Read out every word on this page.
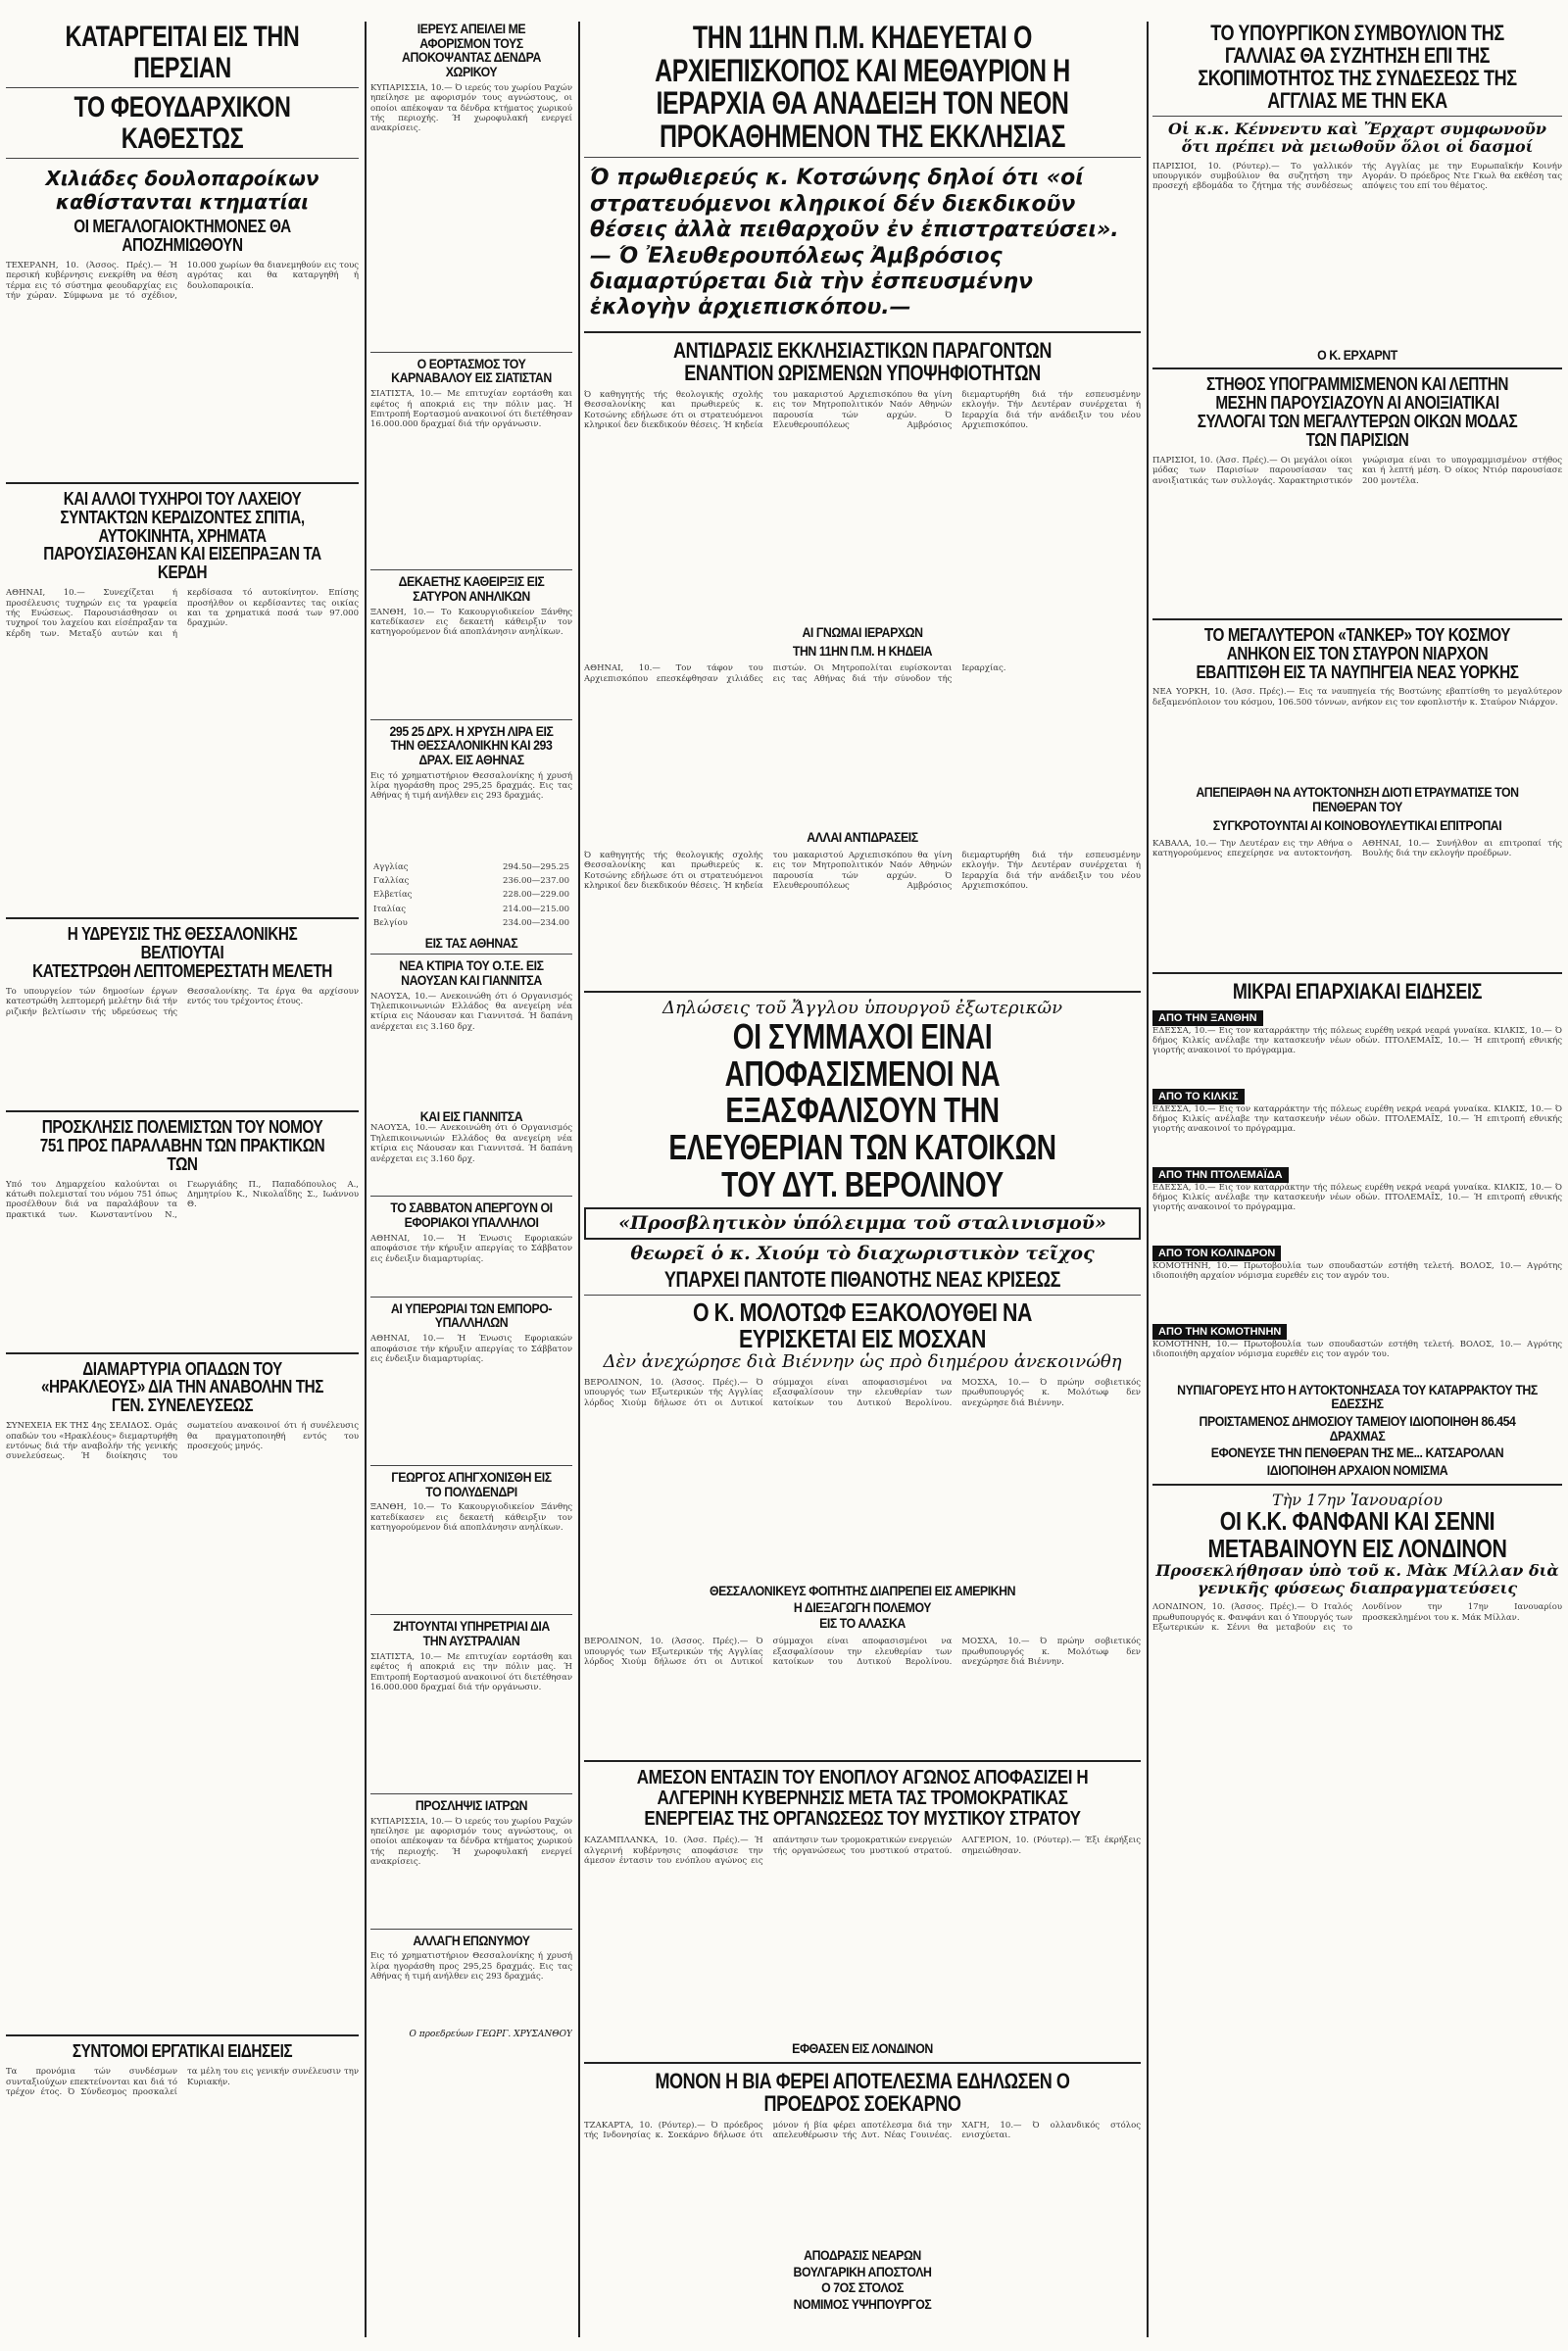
ΚΑΤΑΡΓΕΙΤΑΙ ΕΙΣ ΤΗΝ ΠΕΡΣΙΑΝ
ΤΟ ΦΕΟΥΔΑΡΧΙΚΟΝ ΚΑΘΕΣΤΩΣ
Χιλιάδες δουλοπαροίκων καθίστανται κτηματίαι
ΟΙ ΜΕΓΑΛΟΓΑΙΟΚΤΗΜΟΝΕΣ ΘΑ ΑΠΟΖΗΜΙΩΘΟΥΝ
ΤΕΧΕΡΑΝΗ, 10. (Άσσος. Πρές).— Ή περσική κυβέρνησις ενεκρίθη να θέση τέρμα εις τό σύστημα φεουδαρχίας εις τήν χώραν. Σύμφωνα με τό σχέδιον, 10.000 χωρίων θα διανεμηθούν εις τους αγρότας και θα καταργηθή ή δουλοπαροικία.
ΚΑΙ ΑΛΛΟΙ ΤΥΧΗΡΟΙ ΤΟΥ ΛΑΧΕΙΟΥ ΣΥΝΤΑΚΤΩΝ ΚΕΡΔΙΖΟΝΤΕΣ ΣΠΙΤΙΑ, ΑΥΤΟΚΙΝΗΤΑ, ΧΡΗΜΑΤΑ ΠΑΡΟΥΣΙΑΣΘΗΣΑΝ ΚΑΙ ΕΙΣΕΠΡΑΞΑΝ ΤΑ ΚΕΡΔΗ
ΑΘΗΝΑΙ, 10.— Συνεχίζεται ή προσέλευσις τυχηρών εις τα γραφεία τής Ενώσεως. Παρουσιάσθησαν οι τυχηροί του λαχείου και είσέπραξαν τα κέρδη των. Μεταξύ αυτών και ή κερδίσασα τό αυτοκίνητον. Επίσης προσήλθον οι κερδίσαντες τας οικίας και τα χρηματικά ποσά των 97.000 δραχμών.
Η ΥΔΡΕΥΣΙΣ ΤΗΣ ΘΕΣΣΑΛΟΝΙΚΗΣ ΒΕΛΤΙΟΥΤΑΙ
ΚΑΤΕΣΤΡΩΘΗ ΛΕΠΤΟΜΕΡΕΣΤΑΤΗ ΜΕΛΕΤΗ
Το υπουργείον τών δημοσίων έργων κατεστρώθη λεπτομερή μελέτην διά τήν ριζικήν βελτίωσιν τής υδρεύσεως τής Θεσσαλονίκης. Τα έργα θα αρχίσουν εντός του τρέχοντος έτους.
ΠΡΟΣΚΛΗΣΙΣ ΠΟΛΕΜΙΣΤΩΝ ΤΟΥ ΝΟΜΟΥ 751 ΠΡΟΣ ΠΑΡΑΛΑΒΗΝ ΤΩΝ ΠΡΑΚΤΙΚΩΝ ΤΩΝ
Υπό του Δημαρχείου καλούνται οι κάτωθι πολεμισταί του νόμου 751 όπως προσέλθουν διά να παραλάβουν τα πρακτικά των. Κωνσταντίνου Ν., Γεωργιάδης Π., Παπαδόπουλος Α., Δημητρίου Κ., Νικολαΐδης Σ., Ιωάννου Θ.
ΔΙΑΜΑΡΤΥΡΙΑ ΟΠΑΔΩΝ ΤΟΥ «ΗΡΑΚΛΕΟΥΣ» ΔΙΑ ΤΗΝ ΑΝΑΒΟΛΗΝ ΤΗΣ ΓΕΝ. ΣΥΝΕΛΕΥΣΕΩΣ
ΣΥΝΕΧΕΙΑ ΕΚ ΤΗΣ 4ης ΣΕΛΙΔΟΣ. Ομάς οπαδών του «Ηρακλέους» διεμαρτυρήθη εντόνως διά τήν αναβολήν τής γενικής συνελεύσεως. Ή διοίκησις του σωματείου ανακοινοί ότι ή συνέλευσις θα πραγματοποιηθή εντός του προσεχούς μηνός.
ΣΥΝΤΟΜΟΙ ΕΡΓΑΤΙΚΑΙ ΕΙΔΗΣΕΙΣ
Τα προνόμια τών συνδέσμων συνταξιούχων επεκτείνονται και διά τό τρέχον έτος. Ό Σύνδεσμος προσκαλεί τα μέλη του εις γενικήν συνέλευσιν την Κυριακήν.
ΙΕΡΕΥΣ ΑΠΕΙΛΕΙ ΜΕ ΑΦΟΡΙΣΜΟΝ ΤΟΥΣ ΑΠΟΚΟΨΑΝΤΑΣ ΔΕΝΔΡΑ ΧΩΡΙΚΟΥ
ΚΥΠΑΡΙΣΣΙΑ, 10.— Ό ιερεύς του χωρίου Ραχών ηπείλησε με αφορισμόν τους αγνώστους, οι οποίοι απέκοψαν τα δένδρα κτήματος χωρικού τής περιοχής. Ή χωροφυλακή ενεργεί ανακρίσεις.
Ο ΕΟΡΤΑΣΜΟΣ ΤΟΥ ΚΑΡΝΑΒΑΛΟΥ ΕΙΣ ΣΙΑΤΙΣΤΑΝ
ΣΙΑΤΙΣΤΑ, 10.— Με επιτυχίαν εορτάσθη και εφέτος ή αποκριά εις την πόλιν μας. Ή Επιτροπή Εορτασμού ανακοινοί ότι διετέθησαν 16.000.000 δραχμαί διά τήν οργάνωσιν.
ΔΕΚΑΕΤΗΣ ΚΑΘΕΙΡΞΙΣ ΕΙΣ ΣΑΤΥΡΟΝ ΑΝΗΛΙΚΩΝ
ΞΑΝΘΗ, 10.— Το Κακουργιοδικείον Ξάνθης κατεδίκασεν εις δεκαετή κάθειρξιν τον κατηγορούμενον διά αποπλάνησιν ανηλίκων.
295 25 ΔΡΧ. Η ΧΡΥΣΗ ΛΙΡΑ ΕΙΣ ΤΗΝ ΘΕΣΣΑΛΟΝΙΚΗΝ ΚΑΙ 293 ΔΡΑΧ. ΕΙΣ ΑΘΗΝΑΣ
Εις τό χρηματιστήριον Θεσσαλονίκης ή χρυσή λίρα ηγοράσθη προς 295,25 δραχμάς. Εις τας Αθήνας ή τιμή ανήλθεν εις 293 δραχμάς.
Αγγλίας	294.50—295.25
Γαλλίας	236.00—237.00
Ελβετίας	228.00—229.00
Ιταλίας	214.00—215.00
Βελγίου	234.00—234.00
ΕΙΣ ΤΑΣ ΑΘΗΝΑΣ
ΝΕΑ ΚΤΙΡΙΑ ΤΟΥ Ο.Τ.Ε. ΕΙΣ ΝΑΟΥΣΑΝ ΚΑΙ ΓΙΑΝΝΙΤΣΑ
ΝΑΟΥΣΑ, 10.— Ανεκοινώθη ότι ό Οργανισμός Τηλεπικοινωνιών Ελλάδος θα ανεγείρη νέα κτίρια εις Νάουσαν και Γιαννιτσά. Ή δαπάνη ανέρχεται εις 3.160 δρχ.
ΚΑΙ ΕΙΣ ΓΙΑΝΝΙΤΣΑ
ΝΑΟΥΣΑ, 10.— Ανεκοινώθη ότι ό Οργανισμός Τηλεπικοινωνιών Ελλάδος θα ανεγείρη νέα κτίρια εις Νάουσαν και Γιαννιτσά. Ή δαπάνη ανέρχεται εις 3.160 δρχ.
ΤΟ ΣΑΒΒΑΤΟΝ ΑΠΕΡΓΟΥΝ ΟΙ ΕΦΟΡΙΑΚΟΙ ΥΠΑΛΛΗΛΟΙ
ΑΘΗΝΑΙ, 10.— Ή Ένωσις Εφοριακών αποφάσισε τήν κήρυξιν απεργίας το Σάββατον εις ένδειξιν διαμαρτυρίας.
ΑΙ ΥΠΕΡΩΡΙΑΙ ΤΩΝ ΕΜΠΟΡΟ-ΥΠΑΛΛΗΛΩΝ
ΑΘΗΝΑΙ, 10.— Ή Ένωσις Εφοριακών αποφάσισε τήν κήρυξιν απεργίας το Σάββατον εις ένδειξιν διαμαρτυρίας.
ΓΕΩΡΓΟΣ ΑΠΗΓΧΟΝΙΣΘΗ ΕΙΣ ΤΟ ΠΟΛΥΔΕΝΔΡΙ
ΞΑΝΘΗ, 10.— Το Κακουργιοδικείον Ξάνθης κατεδίκασεν εις δεκαετή κάθειρξιν τον κατηγορούμενον διά αποπλάνησιν ανηλίκων.
ΖΗΤΟΥΝΤΑΙ ΥΠΗΡΕΤΡΙΑΙ ΔΙΑ ΤΗΝ ΑΥΣΤΡΑΛΙΑΝ
ΣΙΑΤΙΣΤΑ, 10.— Με επιτυχίαν εορτάσθη και εφέτος ή αποκριά εις την πόλιν μας. Ή Επιτροπή Εορτασμού ανακοινοί ότι διετέθησαν 16.000.000 δραχμαί διά τήν οργάνωσιν.
ΠΡΟΣΛΗΨΙΣ ΙΑΤΡΩΝ
ΚΥΠΑΡΙΣΣΙΑ, 10.— Ό ιερεύς του χωρίου Ραχών ηπείλησε με αφορισμόν τους αγνώστους, οι οποίοι απέκοψαν τα δένδρα κτήματος χωρικού τής περιοχής. Ή χωροφυλακή ενεργεί ανακρίσεις.
ΑΛΛΑΓΗ ΕΠΩΝΥΜΟΥ
Εις τό χρηματιστήριον Θεσσαλονίκης ή χρυσή λίρα ηγοράσθη προς 295,25 δραχμάς. Εις τας Αθήνας ή τιμή ανήλθεν εις 293 δραχμάς.
Ο προεδρεύων ΓΕΩΡΓ. ΧΡΥΣΑΝΘΟΥ
ΤΗΝ 11ΗΝ Π.Μ. ΚΗΔΕΥΕΤΑΙ Ο ΑΡΧΙΕΠΙΣΚΟΠΟΣ ΚΑΙ ΜΕΘΑΥΡΙΟΝ Η ΙΕΡΑΡΧΙΑ ΘΑ ΑΝΑΔΕΙΞΗ ΤΟΝ ΝΕΟΝ ΠΡΟΚΑΘΗΜΕΝΟΝ ΤΗΣ ΕΚΚΛΗΣΙΑΣ
Ό πρωθιερεύς κ. Κοτσώνης δηλοί ότι «οί στρατευόμενοι κληρικοί δέν διεκδικοῦν θέσεις ἀλλὰ πειθαρχοῦν ἐν ἐπιστρατεύσει».— Ό Ἐλευθερουπόλεως Ἀμβρόσιος διαμαρτύρεται διὰ τὴν ἐσπευσμένην ἐκλογὴν ἀρχιεπισκόπου.—
ΑΝΤΙΔΡΑΣΙΣ ΕΚΚΛΗΣΙΑΣΤΙΚΩΝ ΠΑΡΑΓΟΝΤΩΝ ΕΝΑΝΤΙΟΝ ΩΡΙΣΜΕΝΩΝ ΥΠΟΨΗΦΙΟΤΗΤΩΝ
Ό καθηγητής τής θεολογικής σχολής Θεσσαλονίκης και πρωθιερεύς κ. Κοτσώνης εδήλωσε ότι οι στρατευόμενοι κληρικοί δεν διεκδικούν θέσεις. Ή κηδεία του μακαριστού Αρχιεπισκόπου θα γίνη εις τον Μητροπολιτικόν Ναόν Αθηνών παρουσία τών αρχών. Ό Ελευθερουπόλεως Αμβρόσιος διεμαρτυρήθη διά τήν εσπευσμένην εκλογήν. Τήν Δευτέραν συνέρχεται ή Ιεραρχία διά τήν ανάδειξιν του νέου Αρχιεπισκόπου.
ΑΙ ΓΝΩΜΑΙ ΙΕΡΑΡΧΩΝ
ΤΗΝ 11ΗΝ Π.Μ. Η ΚΗΔΕΙΑ
ΑΘΗΝΑΙ, 10.— Τον τάφον του Αρχιεπισκόπου επεσκέφθησαν χιλιάδες πιστών. Οι Μητροπολίται ευρίσκονται εις τας Αθήνας διά τήν σύνοδον τής Ιεραρχίας.
ΑΛΛΑΙ ΑΝΤΙΔΡΑΣΕΙΣ
Ό καθηγητής τής θεολογικής σχολής Θεσσαλονίκης και πρωθιερεύς κ. Κοτσώνης εδήλωσε ότι οι στρατευόμενοι κληρικοί δεν διεκδικούν θέσεις. Ή κηδεία του μακαριστού Αρχιεπισκόπου θα γίνη εις τον Μητροπολιτικόν Ναόν Αθηνών παρουσία τών αρχών. Ό Ελευθερουπόλεως Αμβρόσιος διεμαρτυρήθη διά τήν εσπευσμένην εκλογήν. Τήν Δευτέραν συνέρχεται ή Ιεραρχία διά τήν ανάδειξιν του νέου Αρχιεπισκόπου.
Δηλώσεις τοῦ Ἄγγλου ὑπουργοῦ ἐξωτερικῶν
ΟΙ ΣΥΜΜΑΧΟΙ ΕΙΝΑΙ ΑΠΟΦΑΣΙΣΜΕΝΟΙ ΝΑ ΕΞΑΣΦΑΛΙΣΟΥΝ ΤΗΝ ΕΛΕΥΘΕΡΙΑΝ ΤΩΝ ΚΑΤΟΙΚΩΝ ΤΟΥ ΔΥΤ. ΒΕΡΟΛΙΝΟΥ
«Προσβλητικὸν ὑπόλειμμα τοῦ σταλινισμοῦ»
θεωρεῖ ὁ κ. Χιούμ τὸ διαχωριστικὸν τεῖχος
ΥΠΑΡΧΕΙ ΠΑΝΤΟΤΕ ΠΙΘΑΝΟΤΗΣ ΝΕΑΣ ΚΡΙΣΕΩΣ
Ο Κ. ΜΟΛΟΤΩΦ ΕΞΑΚΟΛΟΥΘΕΙ ΝΑ ΕΥΡΙΣΚΕΤΑΙ ΕΙΣ ΜΟΣΧΑΝ
Δὲν ἀνεχώρησε διὰ Βιέννην ὡς πρὸ διημέρου ἀνεκοινώθη
ΒΕΡΟΛΙΝΟΝ, 10. (Άσσος. Πρές).— Ό υπουργός των Εξωτερικών τής Αγγλίας λόρδος Χιούμ δήλωσε ότι οι Δυτικοί σύμμαχοι είναι αποφασισμένοι να εξασφαλίσουν την ελευθερίαν των κατοίκων του Δυτικού Βερολίνου. ΜΟΣΧΑ, 10.— Ό πρώην σοβιετικός πρωθυπουργός κ. Μολότωφ δεν ανεχώρησε διά Βιέννην.
ΘΕΣΣΑΛΟΝΙΚΕΥΣ ΦΟΙΤΗΤΗΣ ΔΙΑΠΡΕΠΕΙ ΕΙΣ ΑΜΕΡΙΚΗΝ
Η ΔΙΕΞΑΓΩΓΗ ΠΟΛΕΜΟΥ
ΕΙΣ ΤΟ ΑΛΑΣΚΑ
ΒΕΡΟΛΙΝΟΝ, 10. (Άσσος. Πρές).— Ό υπουργός των Εξωτερικών τής Αγγλίας λόρδος Χιούμ δήλωσε ότι οι Δυτικοί σύμμαχοι είναι αποφασισμένοι να εξασφαλίσουν την ελευθερίαν των κατοίκων του Δυτικού Βερολίνου. ΜΟΣΧΑ, 10.— Ό πρώην σοβιετικός πρωθυπουργός κ. Μολότωφ δεν ανεχώρησε διά Βιέννην.
ΑΜΕΣΟΝ ΕΝΤΑΣΙΝ ΤΟΥ ΕΝΟΠΛΟΥ ΑΓΩΝΟΣ ΑΠΟΦΑΣΙΖΕΙ Η ΑΛΓΕΡΙΝΗ ΚΥΒΕΡΝΗΣΙΣ ΜΕΤΑ ΤΑΣ ΤΡΟΜΟΚΡΑΤΙΚΑΣ ΕΝΕΡΓΕΙΑΣ ΤΗΣ ΟΡΓΑΝΩΣΕΩΣ ΤΟΥ ΜΥΣΤΙΚΟΥ ΣΤΡΑΤΟΥ
ΚΑΖΑΜΠΛΑΝΚΑ, 10. (Άσσ. Πρές).— Ή αλγερινή κυβέρνησις αποφάσισε την άμεσον έντασιν του ενόπλου αγώνος εις απάντησιν των τρομοκρατικών ενεργειών τής οργανώσεως του μυστικού στρατού. ΑΛΓΕΡΙΟΝ, 10. (Ρόυτερ).— Έξι έκρήξεις σημειώθησαν.
ΕΦΘΑΣΕΝ ΕΙΣ ΛΟΝΔΙΝΟΝ
ΜΟΝΟΝ Η ΒΙΑ ΦΕΡΕΙ ΑΠΟΤΕΛΕΣΜΑ ΕΔΗΛΩΣΕΝ Ο ΠΡΟΕΔΡΟΣ ΣΟΕΚΑΡΝΟ
ΤΖΑΚΑΡΤΑ, 10. (Ρόυτερ).— Ό πρόεδρος τής Ινδονησίας κ. Σοεκάρνο δήλωσε ότι μόνον ή βία φέρει αποτέλεσμα διά την απελευθέρωσιν τής Δυτ. Νέας Γουινέας. ΧΑΓΗ, 10.— Ό ολλανδικός στόλος ενισχύεται.
ΑΠΟΔΡΑΣΙΣ ΝΕΑΡΩΝ
ΒΟΥΛΓΑΡΙΚΗ ΑΠΟΣΤΟΛΗ
Ο 7ΟΣ ΣΤΟΛΟΣ
ΝΟΜΙΜΟΣ ΥΨΗΠΟΥΡΓΟΣ
ΤΟ ΥΠΟΥΡΓΙΚΟΝ ΣΥΜΒΟΥΛΙΟΝ ΤΗΣ ΓΑΛΛΙΑΣ ΘΑ ΣΥΖΗΤΗΣΗ ΕΠΙ ΤΗΣ ΣΚΟΠΙΜΟΤΗΤΟΣ ΤΗΣ ΣΥΝΔΕΣΕΩΣ ΤΗΣ ΑΓΓΛΙΑΣ ΜΕ ΤΗΝ ΕΚΑ
Οἱ κ.κ. Κέννεντυ καὶ Ἔρχαρτ συμφωνοῦν ὅτι πρέπει νὰ μειωθοῦν ὅλοι οἱ δασμοί
ΠΑΡΙΣΙΟΙ, 10. (Ρόυτερ).— Το γαλλικόν υπουργικόν συμβούλιον θα συζητήση την προσεχή εβδομάδα το ζήτημα τής συνδέσεως τής Αγγλίας με την Ευρωπαϊκήν Κοινήν Αγοράν. Ό πρόεδρος Ντε Γκωλ θα εκθέση τας απόψεις του επί του θέματος.
Ο Κ. ΕΡΧΑΡΝΤ
ΣΤΗΘΟΣ ΥΠΟΓΡΑΜΜΙΣΜΕΝΟΝ ΚΑΙ ΛΕΠΤΗΝ ΜΕΣΗΝ ΠΑΡΟΥΣΙΑΖΟΥΝ ΑΙ ΑΝΟΙΞΙΑΤΙΚΑΙ ΣΥΛΛΟΓΑΙ ΤΩΝ ΜΕΓΑΛΥΤΕΡΩΝ ΟΙΚΩΝ ΜΟΔΑΣ ΤΩΝ ΠΑΡΙΣΙΩΝ
ΠΑΡΙΣΙΟΙ, 10. (Άσσ. Πρές).— Οι μεγάλοι οίκοι μόδας των Παρισίων παρουσίασαν τας ανοιξιατικάς των συλλογάς. Χαρακτηριστικόν γνώρισμα είναι το υπογραμμισμένον στήθος και ή λεπτή μέση. Ό οίκος Ντιόρ παρουσίασε 200 μοντέλα.
ΤΟ ΜΕΓΑΛΥΤΕΡΟΝ «ΤΑΝΚΕΡ» ΤΟΥ ΚΟΣΜΟΥ ΑΝΗΚΟΝ ΕΙΣ ΤΟΝ ΣΤΑΥΡΟΝ ΝΙΑΡΧΟΝ ΕΒΑΠΤΙΣΘΗ ΕΙΣ ΤΑ ΝΑΥΠΗΓΕΙΑ ΝΕΑΣ ΥΟΡΚΗΣ
ΝΕΑ ΥΟΡΚΗ, 10. (Άσσ. Πρές).— Εις τα ναυπηγεία τής Βοστώνης εβαπτίσθη το μεγαλύτερον δεξαμενόπλοιον του κόσμου, 106.500 τόννων, ανήκον εις τον εφοπλιστήν κ. Σταύρον Νιάρχον.
ΑΠΕΠΕΙΡΑΘΗ ΝΑ ΑΥΤΟΚΤΟΝΗΣΗ ΔΙΟΤΙ ΕΤΡΑΥΜΑΤΙΣΕ ΤΟΝ ΠΕΝΘΕΡΑΝ ΤΟΥ
ΣΥΓΚΡΟΤΟΥΝΤΑΙ ΑΙ ΚΟΙΝΟΒΟΥΛΕΥΤΙΚΑΙ ΕΠΙΤΡΟΠΑΙ
ΚΑΒΑΛΑ, 10.— Την Δευτέραν εις την Αθήνα ο κατηγορούμενος επεχείρησε να αυτοκτονήση. ΑΘΗΝΑΙ, 10.— Συνήλθον αι επιτροπαί τής Βουλής διά την εκλογήν προέδρων.
ΜΙΚΡΑΙ ΕΠΑΡΧΙΑΚΑΙ ΕΙΔΗΣΕΙΣ
ΑΠΟ ΤΗΝ ΞΑΝΘΗΝ
ΕΔΕΣΣΑ, 10.— Εις τον καταρράκτην τής πόλεως ευρέθη νεκρά νεαρά γυναίκα. ΚΙΛΚΙΣ, 10.— Ό δήμος Κιλκίς ανέλαβε την κατασκευήν νέων οδών. ΠΤΟΛΕΜΑΪΣ, 10.— Ή επιτροπή εθνικής γιορτής ανακοινοί το πρόγραμμα.
ΑΠΟ ΤΟ ΚΙΛΚΙΣ
ΕΔΕΣΣΑ, 10.— Εις τον καταρράκτην τής πόλεως ευρέθη νεκρά νεαρά γυναίκα. ΚΙΛΚΙΣ, 10.— Ό δήμος Κιλκίς ανέλαβε την κατασκευήν νέων οδών. ΠΤΟΛΕΜΑΪΣ, 10.— Ή επιτροπή εθνικής γιορτής ανακοινοί το πρόγραμμα.
ΑΠΟ ΤΗΝ ΠΤΟΛΕΜΑΪΔΑ
ΕΔΕΣΣΑ, 10.— Εις τον καταρράκτην τής πόλεως ευρέθη νεκρά νεαρά γυναίκα. ΚΙΛΚΙΣ, 10.— Ό δήμος Κιλκίς ανέλαβε την κατασκευήν νέων οδών. ΠΤΟΛΕΜΑΪΣ, 10.— Ή επιτροπή εθνικής γιορτής ανακοινοί το πρόγραμμα.
ΑΠΟ ΤΟΝ ΚΟΛΙΝΔΡΟΝ
ΚΟΜΟΤΗΝΗ, 10.— Πρωτοβουλία των σπουδαστών εστήθη τελετή. ΒΟΛΟΣ, 10.— Αγρότης ιδιοποιήθη αρχαίον νόμισμα ευρεθέν εις τον αγρόν του.
ΑΠΟ ΤΗΝ ΚΟΜΟΤΗΝΗΝ
ΚΟΜΟΤΗΝΗ, 10.— Πρωτοβουλία των σπουδαστών εστήθη τελετή. ΒΟΛΟΣ, 10.— Αγρότης ιδιοποιήθη αρχαίον νόμισμα ευρεθέν εις τον αγρόν του.
ΝΥΠΙΑΓΟΡΕΥΣ ΗΤΟ Η ΑΥΤΟΚΤΟΝΗΣΑΣΑ ΤΟΥ ΚΑΤΑΡΡΑΚΤΟΥ ΤΗΣ ΕΔΕΣΣΗΣ
ΠΡΟΙΣΤΑΜΕΝΟΣ ΔΗΜΟΣΙΟΥ ΤΑΜΕΙΟΥ ΙΔΙΟΠΟΙΗΘΗ 86.454 ΔΡΑΧΜΑΣ
ΕΦΟΝΕΥΣΕ ΤΗΝ ΠΕΝΘΕΡΑΝ ΤΗΣ ΜΕ... ΚΑΤΣΑΡΟΛΑΝ
ΙΔΙΟΠΟΙΗΘΗ ΑΡΧΑΙΟΝ ΝΟΜΙΣΜΑ
Τὴν 17ην Ἰανουαρίου
ΟΙ Κ.Κ. ΦΑΝΦΑΝΙ ΚΑΙ ΣΕΝΝΙ ΜΕΤΑΒΑΙΝΟΥΝ ΕΙΣ ΛΟΝΔΙΝΟΝ
Προσεκλήθησαν ὑπὸ τοῦ κ. Μὰκ Μίλλαν διὰ γενικῆς φύσεως διαπραγματεύσεις
ΛΟΝΔΙΝΟΝ, 10. (Άσσος. Πρές).— Ό Ιταλός πρωθυπουργός κ. Φανφάνι και ό Υπουργός των Εξωτερικών κ. Σέννι θα μεταβούν εις το Λονδίνον την 17ην Ιανουαρίου προσκεκλημένοι του κ. Μάκ Μίλλαν.
